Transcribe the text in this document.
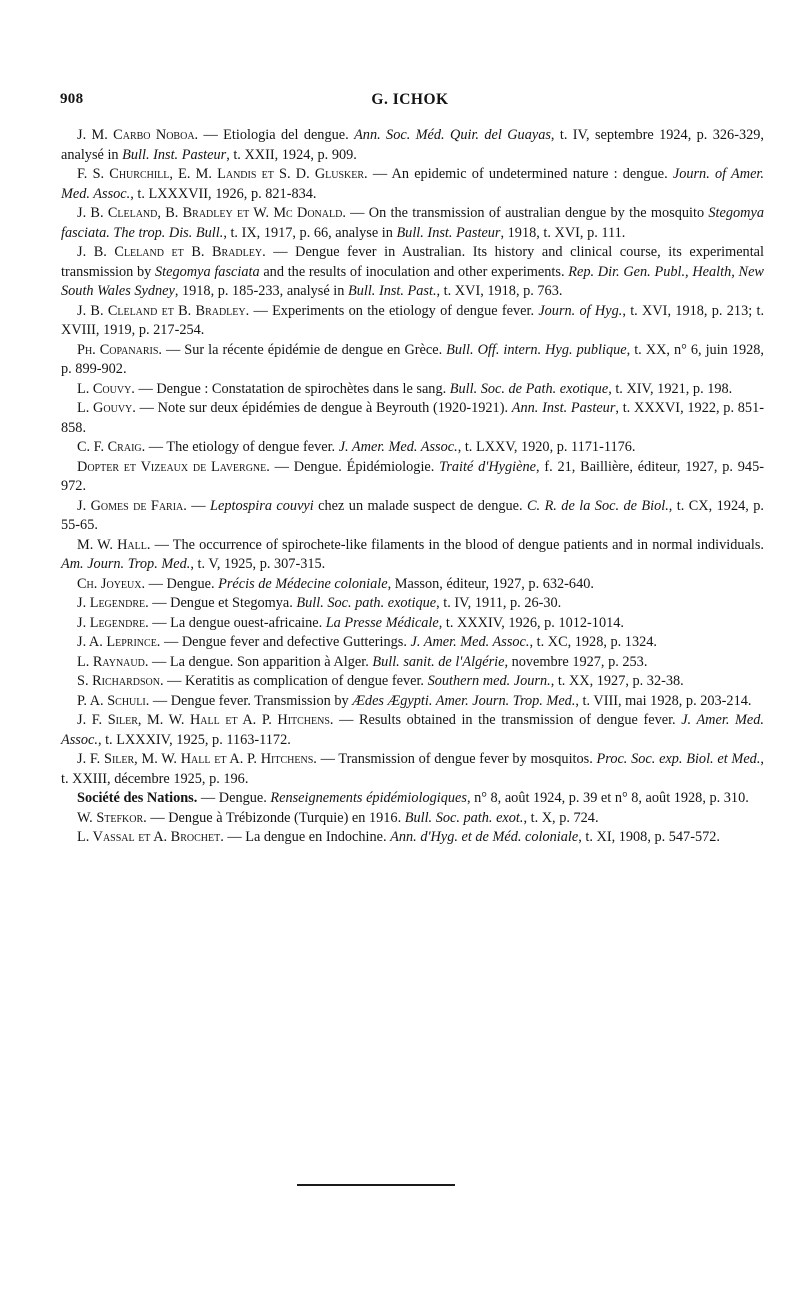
908	G. ICHOK

J. M. Carbo Noboa. — Etiologia del dengue. Ann. Soc. Méd. Quir. del Guayas, t. IV, septembre 1924, p. 326-329, analysé in Bull. Inst. Pasteur, t. XXII, 1924, p. 909.

F. S. Churchill, E. M. Landis et S. D. Glusker. — An epidemic of undetermined nature : dengue. Journ. of Amer. Med. Assoc., t. LXXXVII, 1926, p. 821-834.

J. B. Cleland, B. Bradley et W. Mc Donald. — On the transmission of australian dengue by the mosquito Stegomya fasciata. The trop. Dis. Bull., t. IX, 1917, p. 66, analyse in Bull. Inst. Pasteur, 1918, t. XVI, p. 111.

J. B. Cleland et B. Bradley. — Dengue fever in Australian. Its history and clinical course, its experimental transmission by Stegomya fasciata and the results of inoculation and other experiments. Rep. Dir. Gen. Publ., Health, New South Wales Sydney, 1918, p. 185-233, analysé in Bull. Inst. Past., t. XVI, 1918, p. 763.

J. B. Cleland et B. Bradley. — Experiments on the etiology of dengue fever. Journ. of Hyg., t. XVI, 1918, p. 213; t. XVIII, 1919, p. 217-254.

Ph. Copanaris. — Sur la récente épidémie de dengue en Grèce. Bull. Off. intern. Hyg. publique, t. XX, n° 6, juin 1928, p. 899-902.

L. Couvy. — Dengue : Constatation de spirochètes dans le sang. Bull. Soc. de Path. exotique, t. XIV, 1921, p. 198.

L. Gouvy. — Note sur deux épidémies de dengue à Beyrouth (1920-1921). Ann. Inst. Pasteur, t. XXXVI, 1922, p. 851-858.

C. F. Craig. — The etiology of dengue fever. J. Amer. Med. Assoc., t. LXXV, 1920, p. 1171-1176.

Dopter et Vizeaux de Lavergne. — Dengue. Épidémiologie. Traité d'Hygiène, f. 21, Baillière, éditeur, 1927, p. 945-972.

J. Gomes de Faria. — Leptospira couvyi chez un malade suspect de dengue. C. R. de la Soc. de Biol., t. CX, 1924, p. 55-65.

M. W. Hall. — The occurrence of spirochete-like filaments in the blood of dengue patients and in normal individuals. Am. Journ. Trop. Med., t. V, 1925, p. 307-315.

Ch. Joyeux. — Dengue. Précis de Médecine coloniale, Masson, éditeur, 1927, p. 632-640.

J. Legendre. — Dengue et Stegomya. Bull. Soc. path. exotique, t. IV, 1911, p. 26-30.

J. Legendre. — La dengue ouest-africaine. La Presse Médicale, t. XXXIV, 1926, p. 1012-1014.

J. A. Leprince. — Dengue fever and defective Gutterings. J. Amer. Med. Assoc., t. XC, 1928, p. 1324.

L. Raynaud. — La dengue. Son apparition à Alger. Bull. sanit. de l'Algérie, novembre 1927, p. 253.

S. Richardson. — Keratitis as complication of dengue fever. Southern med. Journ., t. XX, 1927, p. 32-38.

P. A. Schuli. — Dengue fever. Transmission by Ædes Ægypti. Amer. Journ. Trop. Med., t. VIII, mai 1928, p. 203-214.

J. F. Siler, M. W. Hall et A. P. Hitchens. — Results obtained in the transmission of dengue fever. J. Amer. Med. Assoc., t. LXXXIV, 1925, p. 1163-1172.

J. F. Siler, M. W. Hall et A. P. Hitchens. — Transmission of dengue fever by mosquitos. Proc. Soc. exp. Biol. et Med., t. XXIII, décembre 1925, p. 196.

Société des Nations. — Dengue. Renseignements épidémiologiques, n° 8, août 1924, p. 39 et n° 8, août 1928, p. 310.

W. Stefkor. — Dengue à Trébizonde (Turquie) en 1916. Bull. Soc. path. exot., t. X, p. 724.

L. Vassal et A. Brochet. — La dengue en Indochine. Ann. d'Hyg. et de Méd. coloniale, t. XI, 1908, p. 547-572.
